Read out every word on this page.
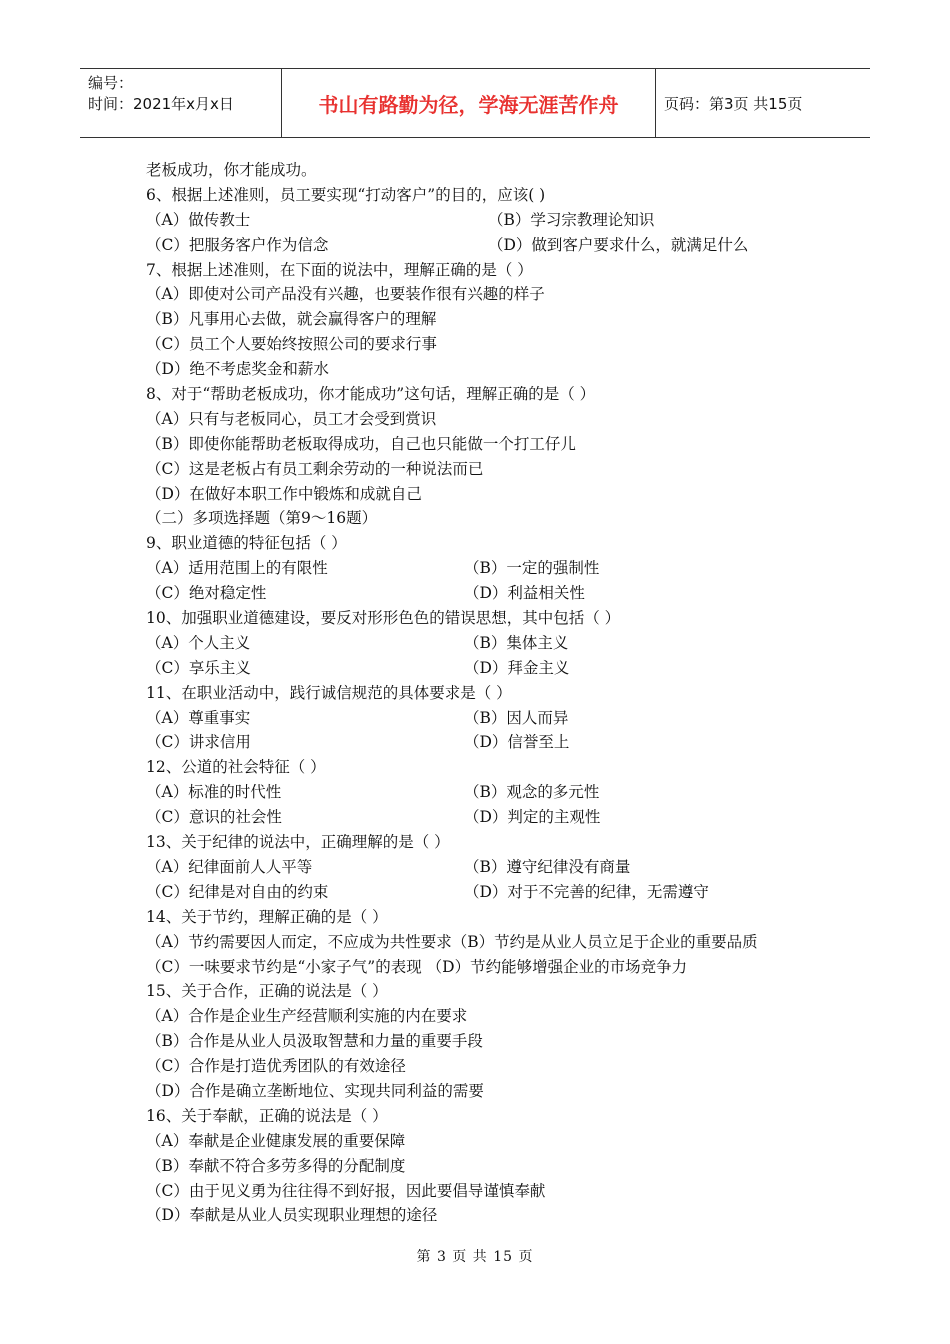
编号：
时间：2021年x月x日	书山有路勤为径，学海无涯苦作舟	页码：第3页 共15页
老板成功，你才能成功。
6、根据上述准则，员工要实现“打动客户”的目的，应该( )
（A）做传教士	（B）学习宗教理论知识
（C）把服务客户作为信念	（D）做到客户要求什么，就满足什么
7、根据上述准则，在下面的说法中，理解正确的是（ ）
（A）即使对公司产品没有兴趣，也要装作很有兴趣的样子
（B）凡事用心去做，就会赢得客户的理解
（C）员工个人要始终按照公司的要求行事
（D）绝不考虑奖金和薪水
8、对于“帮助老板成功，你才能成功”这句话，理解正确的是（ ）
（A）只有与老板同心，员工才会受到赏识
（B）即使你能帮助老板取得成功，自己也只能做一个打工仔儿
（C）这是老板占有员工剩余劳动的一种说法而已
（D）在做好本职工作中锻炼和成就自己
（二）多项选择题（第9～16题）
9、职业道德的特征包括（ ）
（A）适用范围上的有限性	（B）一定的强制性
（C）绝对稳定性	（D）利益相关性
10、加强职业道德建设，要反对形形色色的错误思想，其中包括（ ）
（A）个人主义	（B）集体主义
（C）享乐主义	（D）拜金主义
11、在职业活动中，践行诚信规范的具体要求是（ ）
（A）尊重事实	（B）因人而异
（C）讲求信用	（D）信誉至上
12、公道的社会特征（ ）
（A）标准的时代性	（B）观念的多元性
（C）意识的社会性	（D）判定的主观性
13、关于纪律的说法中，正确理解的是（ ）
（A）纪律面前人人平等	（B）遵守纪律没有商量
（C）纪律是对自由的约束	（D）对于不完善的纪律，无需遵守
14、关于节约，理解正确的是（ ）
（A）节约需要因人而定，不应成为共性要求（B）节约是从业人员立足于企业的重要品质
（C）一味要求节约是“小家子气”的表现 （D）节约能够增强企业的市场竞争力
15、关于合作，正确的说法是（ ）
（A）合作是企业生产经营顺利实施的内在要求
（B）合作是从业人员汲取智慧和力量的重要手段
（C）合作是打造优秀团队的有效途径
（D）合作是确立垄断地位、实现共同利益的需要
16、关于奉献，正确的说法是（ ）
（A）奉献是企业健康发展的重要保障
（B）奉献不符合多劳多得的分配制度
（C）由于见义勇为往往得不到好报，因此要倡导谨慎奉献
（D）奉献是从业人员实现职业理想的途径
第 3 页 共 15 页
